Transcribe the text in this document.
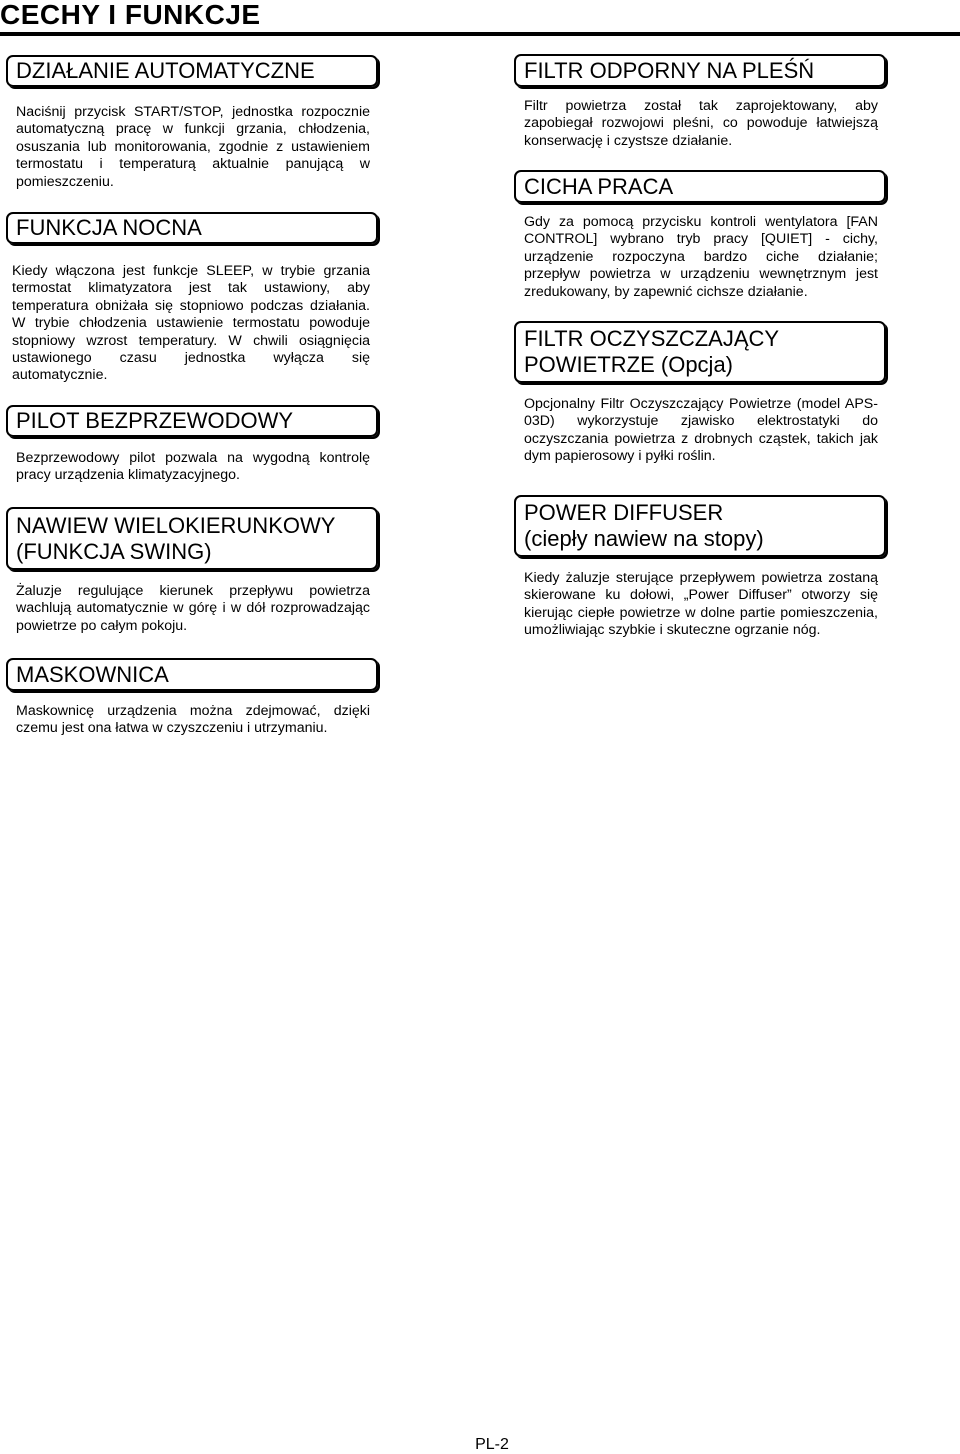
CECHY I FUNKCJE
DZIAŁANIE AUTOMATYCZNE
Naciśnij przycisk START/STOP, jednostka rozpocznie automatyczną pracę w funkcji grzania, chłodzenia, osuszania lub monitorowania, zgodnie z ustawieniem termostatu i temperaturą aktualnie panującą w pomieszczeniu.
FUNKCJA NOCNA
Kiedy włączona jest funkcje SLEEP, w trybie grzania termostat klimatyzatora jest tak ustawiony, aby temperatura obniżała się stopniowo podczas działania. W trybie chłodzenia ustawienie termostatu powoduje stopniowy wzrost temperatury. W chwili osiągnięcia ustawionego czasu jednostka wyłącza się automatycznie.
PILOT BEZPRZEWODOWY
Bezprzewodowy pilot pozwala na wygodną kontrolę pracy urządzenia klimatyzacyjnego.
NAWIEW WIELOKIERUNKOWY
(FUNKCJA SWING)
Żaluzje regulujące kierunek przepływu powietrza wachlują automatycznie w górę i w dół rozprowadzając powietrze po całym pokoju.
MASKOWNICA
Maskownicę urządzenia można zdejmować, dzięki czemu jest ona łatwa w czyszczeniu i utrzymaniu.
FILTR ODPORNY NA PLEŚŃ
Filtr powietrza został tak zaprojektowany, aby zapobiegał rozwojowi pleśni, co powoduje łatwiejszą konserwację i czystsze działanie.
CICHA PRACA
Gdy za pomocą przycisku kontroli wentylatora [FAN CONTROL] wybrano tryb pracy [QUIET] - cichy, urządzenie rozpoczyna bardzo ciche działanie; przepływ powietrza w urządzeniu wewnętrznym jest zredukowany, by zapewnić cichsze działanie.
FILTR OCZYSZCZAJĄCY
POWIETRZE (Opcja)
Opcjonalny Filtr Oczyszczający Powietrze (model APS-03D) wykorzystuje zjawisko elektrostatyki do oczyszczania powietrza z drobnych cząstek, takich jak dym papierosowy i pyłki roślin.
POWER DIFFUSER
(ciepły nawiew na stopy)
Kiedy żaluzje sterujące przepływem powietrza zostaną skierowane ku dołowi, „Power Diffuser” otworzy się kierując ciepłe powietrze w dolne partie pomieszczenia, umożliwiając szybkie i skuteczne ogrzanie nóg.
PL-2
